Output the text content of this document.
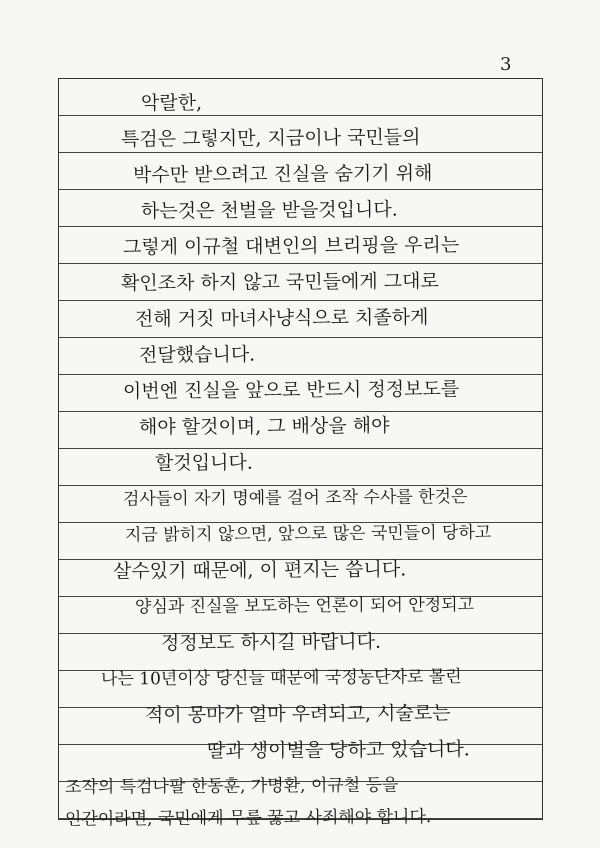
3
악랄한,
특검은 그렇지만, 지금이나 국민들의
박수만 받으려고 진실을 숨기기 위해
하는것은 천벌을 받을것입니다.
그렇게 이규철 대변인의 브리핑을 우리는
확인조차 하지 않고 국민들에게 그대로
전해 거짓 마녀사냥식으로 치졸하게
전달했습니다.
이번엔 진실을 앞으로 반드시 정정보도를
해야 할것이며, 그 배상을 해야
할것입니다.
검사들이 자기 명예를 걸어 조작 수사를 한것은
지금 밝히지 않으면, 앞으로 많은 국민들이 당하고
살수있기 때문에, 이 편지는 씁니다.
양심과 진실을 보도하는 언론이 되어 안정되고
정정보도 하시길 바랍니다.
나는 10년이상 당신들 때문에 국정농단자로 몰린
적이 몽마가 얼마 우려되고, 시술로는
딸과 생이별을 당하고 있습니다.
조작의 특검나팔 한동훈, 가명환, 이규철 등을
인간이라면, 국민에게 무릎 꿇고 사죄해야 합니다.
